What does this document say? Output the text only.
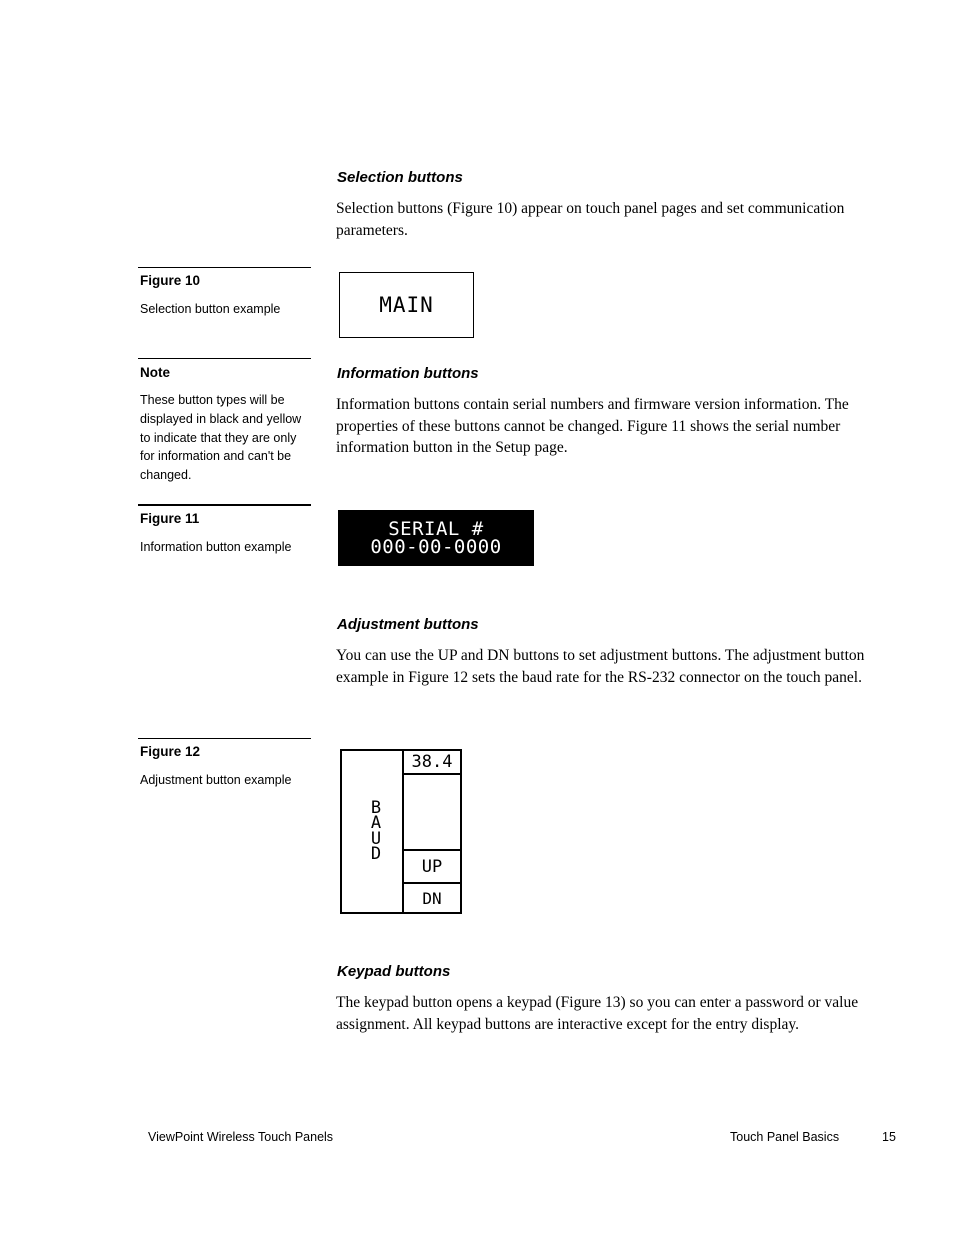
Selection buttons
Selection buttons (Figure 10) appear on touch panel pages and set communication parameters.
Figure 10
Selection button example	MAIN
Note
These button types will be displayed in black and yellow to indicate that they are only for information and can't be changed.
Information buttons
Information buttons contain serial numbers and firmware version information. The properties of these buttons cannot be changed. Figure 11 shows the serial number information button in the Setup page.
Figure 11
Information button example
SERIAL #
000-00-0000
Adjustment buttons
You can use the UP and DN buttons to set adjustment buttons. The adjustment button example in Figure 12 sets the baud rate for the RS-232 connector on the touch panel.
Figure 12
Adjustment button example
B
A
U
D
38.4
UP
DN
Keypad buttons
The keypad button opens a keypad (Figure 13) so you can enter a password or value assignment. All keypad buttons are interactive except for the entry display.
ViewPoint Wireless Touch Panels	Touch Panel Basics	15
